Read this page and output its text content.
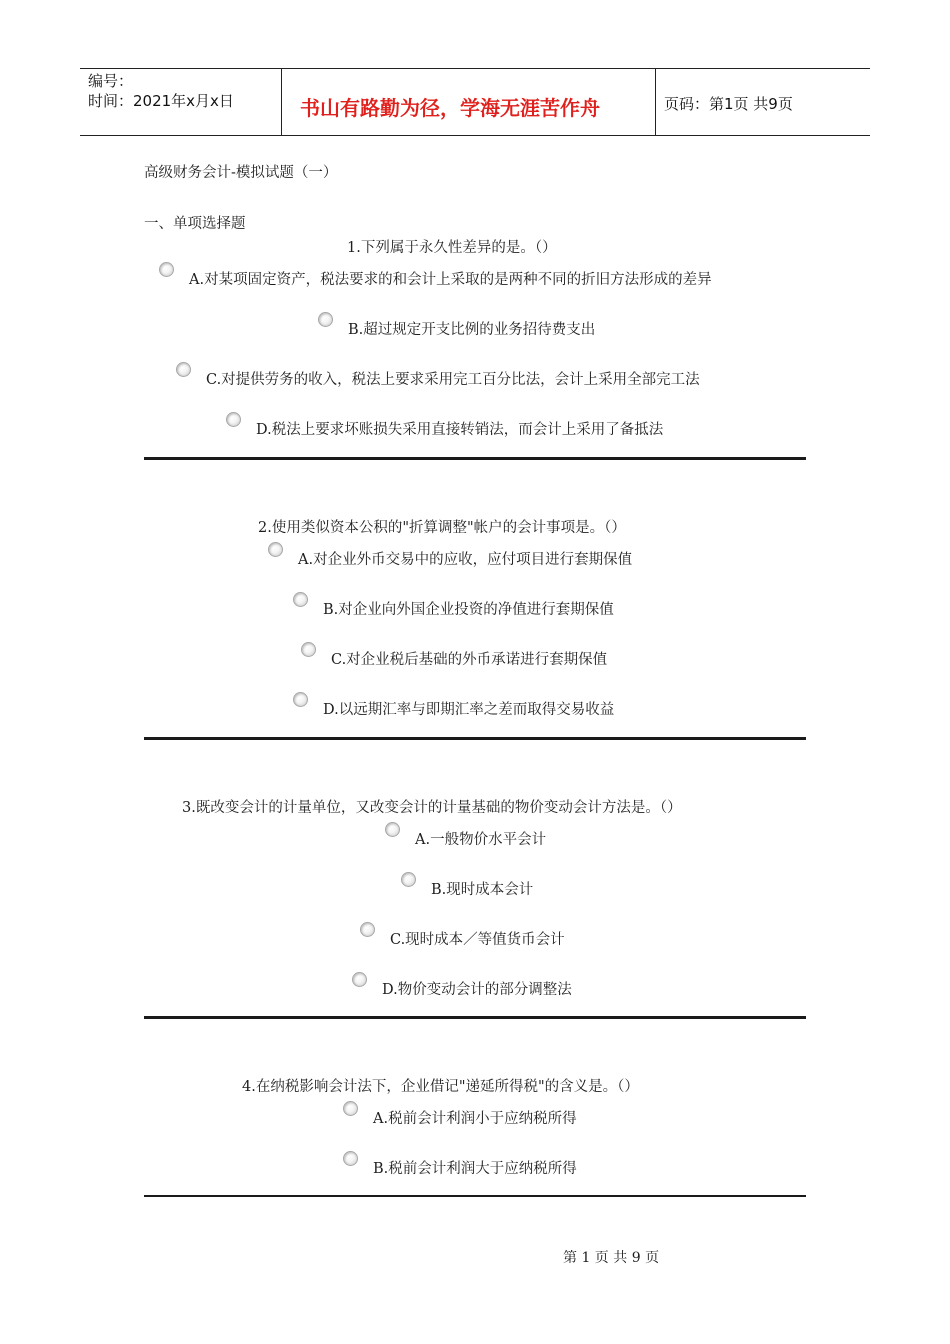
编号：
时间：2021年x月x日	书山有路勤为径，学海无涯苦作舟	页码：第1页 共9页
高级财务会计-模拟试题（一）
一、单项选择题
1.下列属于永久性差异的是。（）
A.对某项固定资产，税法要求的和会计上采取的是两种不同的折旧方法形成的差异
B.超过规定开支比例的业务招待费支出
C.对提供劳务的收入，税法上要求采用完工百分比法，会计上采用全部完工法
D.税法上要求坏账损失采用直接转销法，而会计上采用了备抵法
2.使用类似资本公积的"折算调整"帐户的会计事项是。（）
A.对企业外币交易中的应收，应付项目进行套期保值
B.对企业向外国企业投资的净值进行套期保值
C.对企业税后基础的外币承诺进行套期保值
D.以远期汇率与即期汇率之差而取得交易收益
3.既改变会计的计量单位，又改变会计的计量基础的物价变动会计方法是。（）
A.一般物价水平会计
B.现时成本会计
C.现时成本／等值货币会计
D.物价变动会计的部分调整法
4.在纳税影响会计法下，企业借记"递延所得税"的含义是。（）
A.税前会计利润小于应纳税所得
B.税前会计利润大于应纳税所得
第 1 页 共 9 页
